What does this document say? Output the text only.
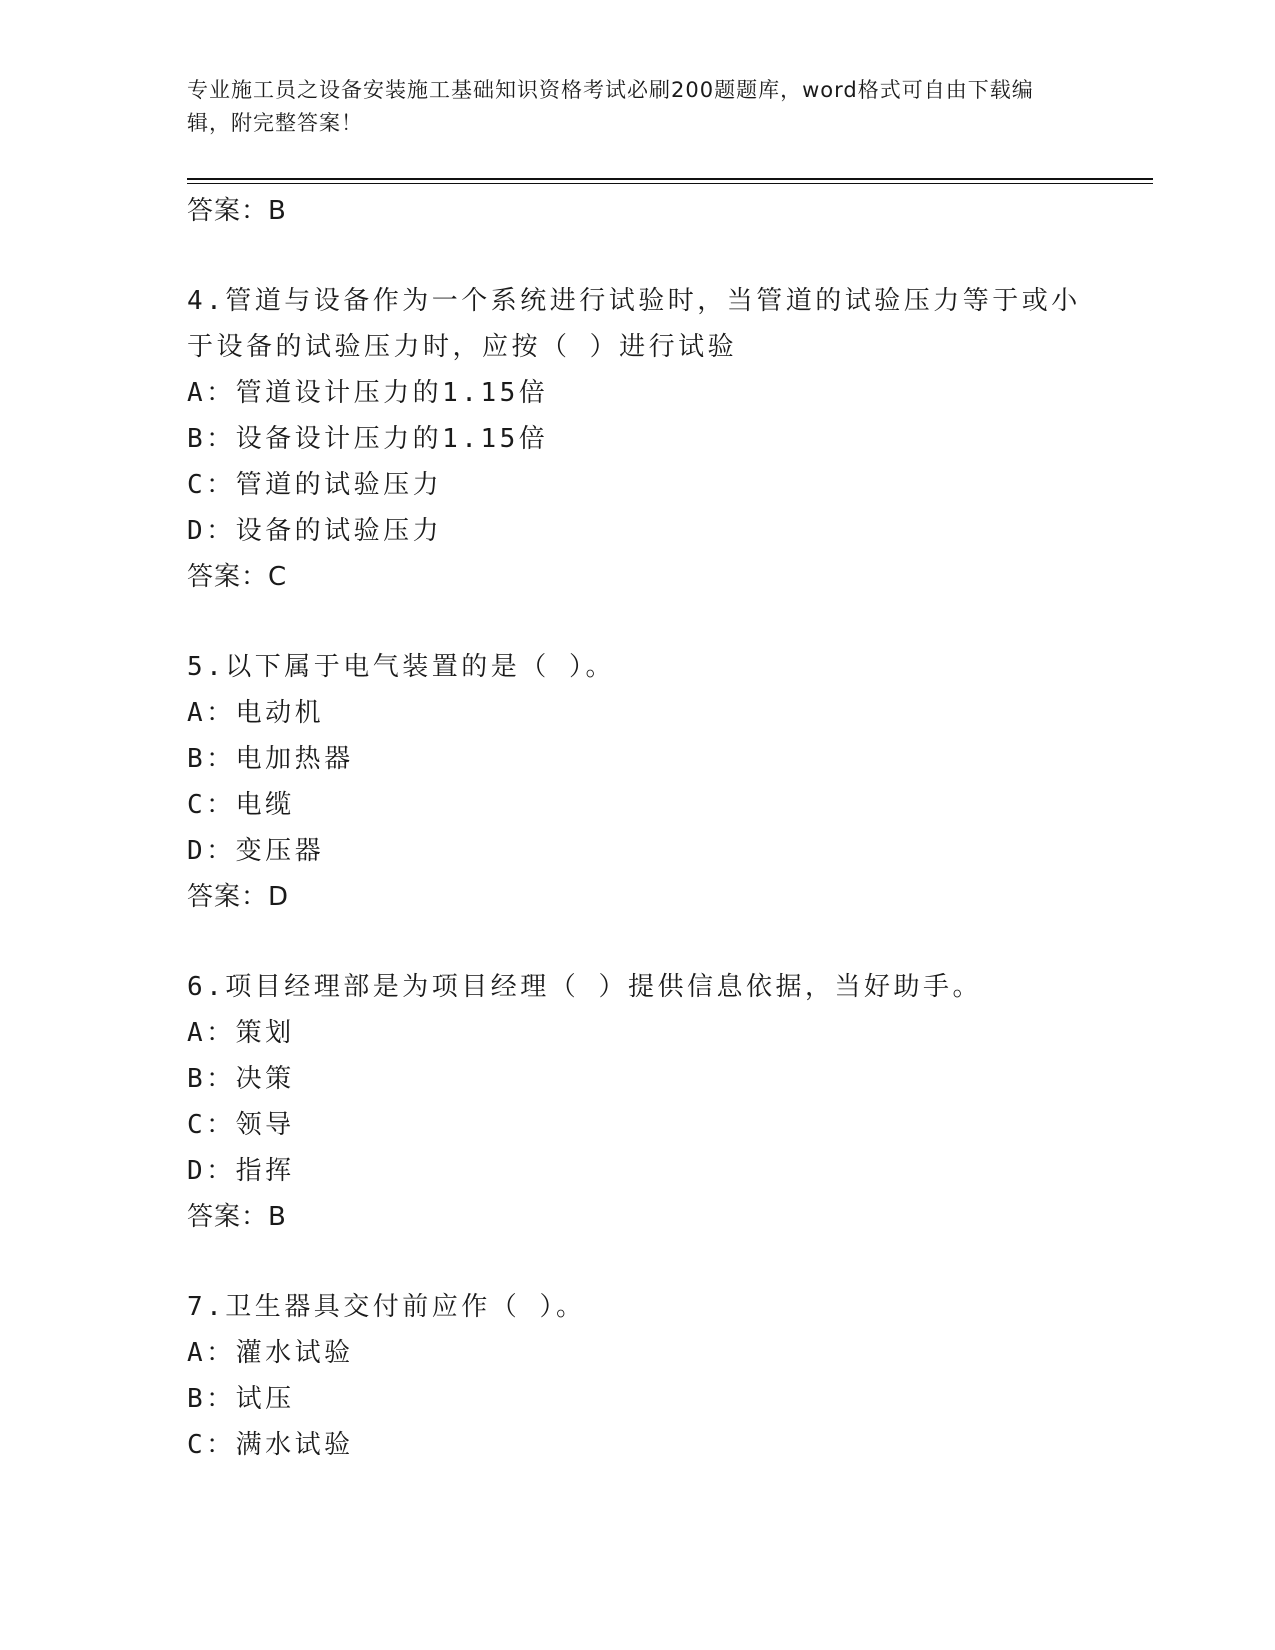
专业施工员之设备安装施工基础知识资格考试必刷200题题库，word格式可自由下载编辑，附完整答案！
答案：B
4.管道与设备作为一个系统进行试验时，当管道的试验压力等于或小于设备的试验压力时，应按（ ）进行试验
A：管道设计压力的1.15倍
B：设备设计压力的1.15倍
C：管道的试验压力
D：设备的试验压力
答案：C
5.以下属于电气装置的是（ ）。
A：电动机
B：电加热器
C：电缆
D：变压器
答案：D
6.项目经理部是为项目经理（ ）提供信息依据，当好助手。
A：策划
B：决策
C：领导
D：指挥
答案：B
7.卫生器具交付前应作（ ）。
A：灌水试验
B：试压
C：满水试验
